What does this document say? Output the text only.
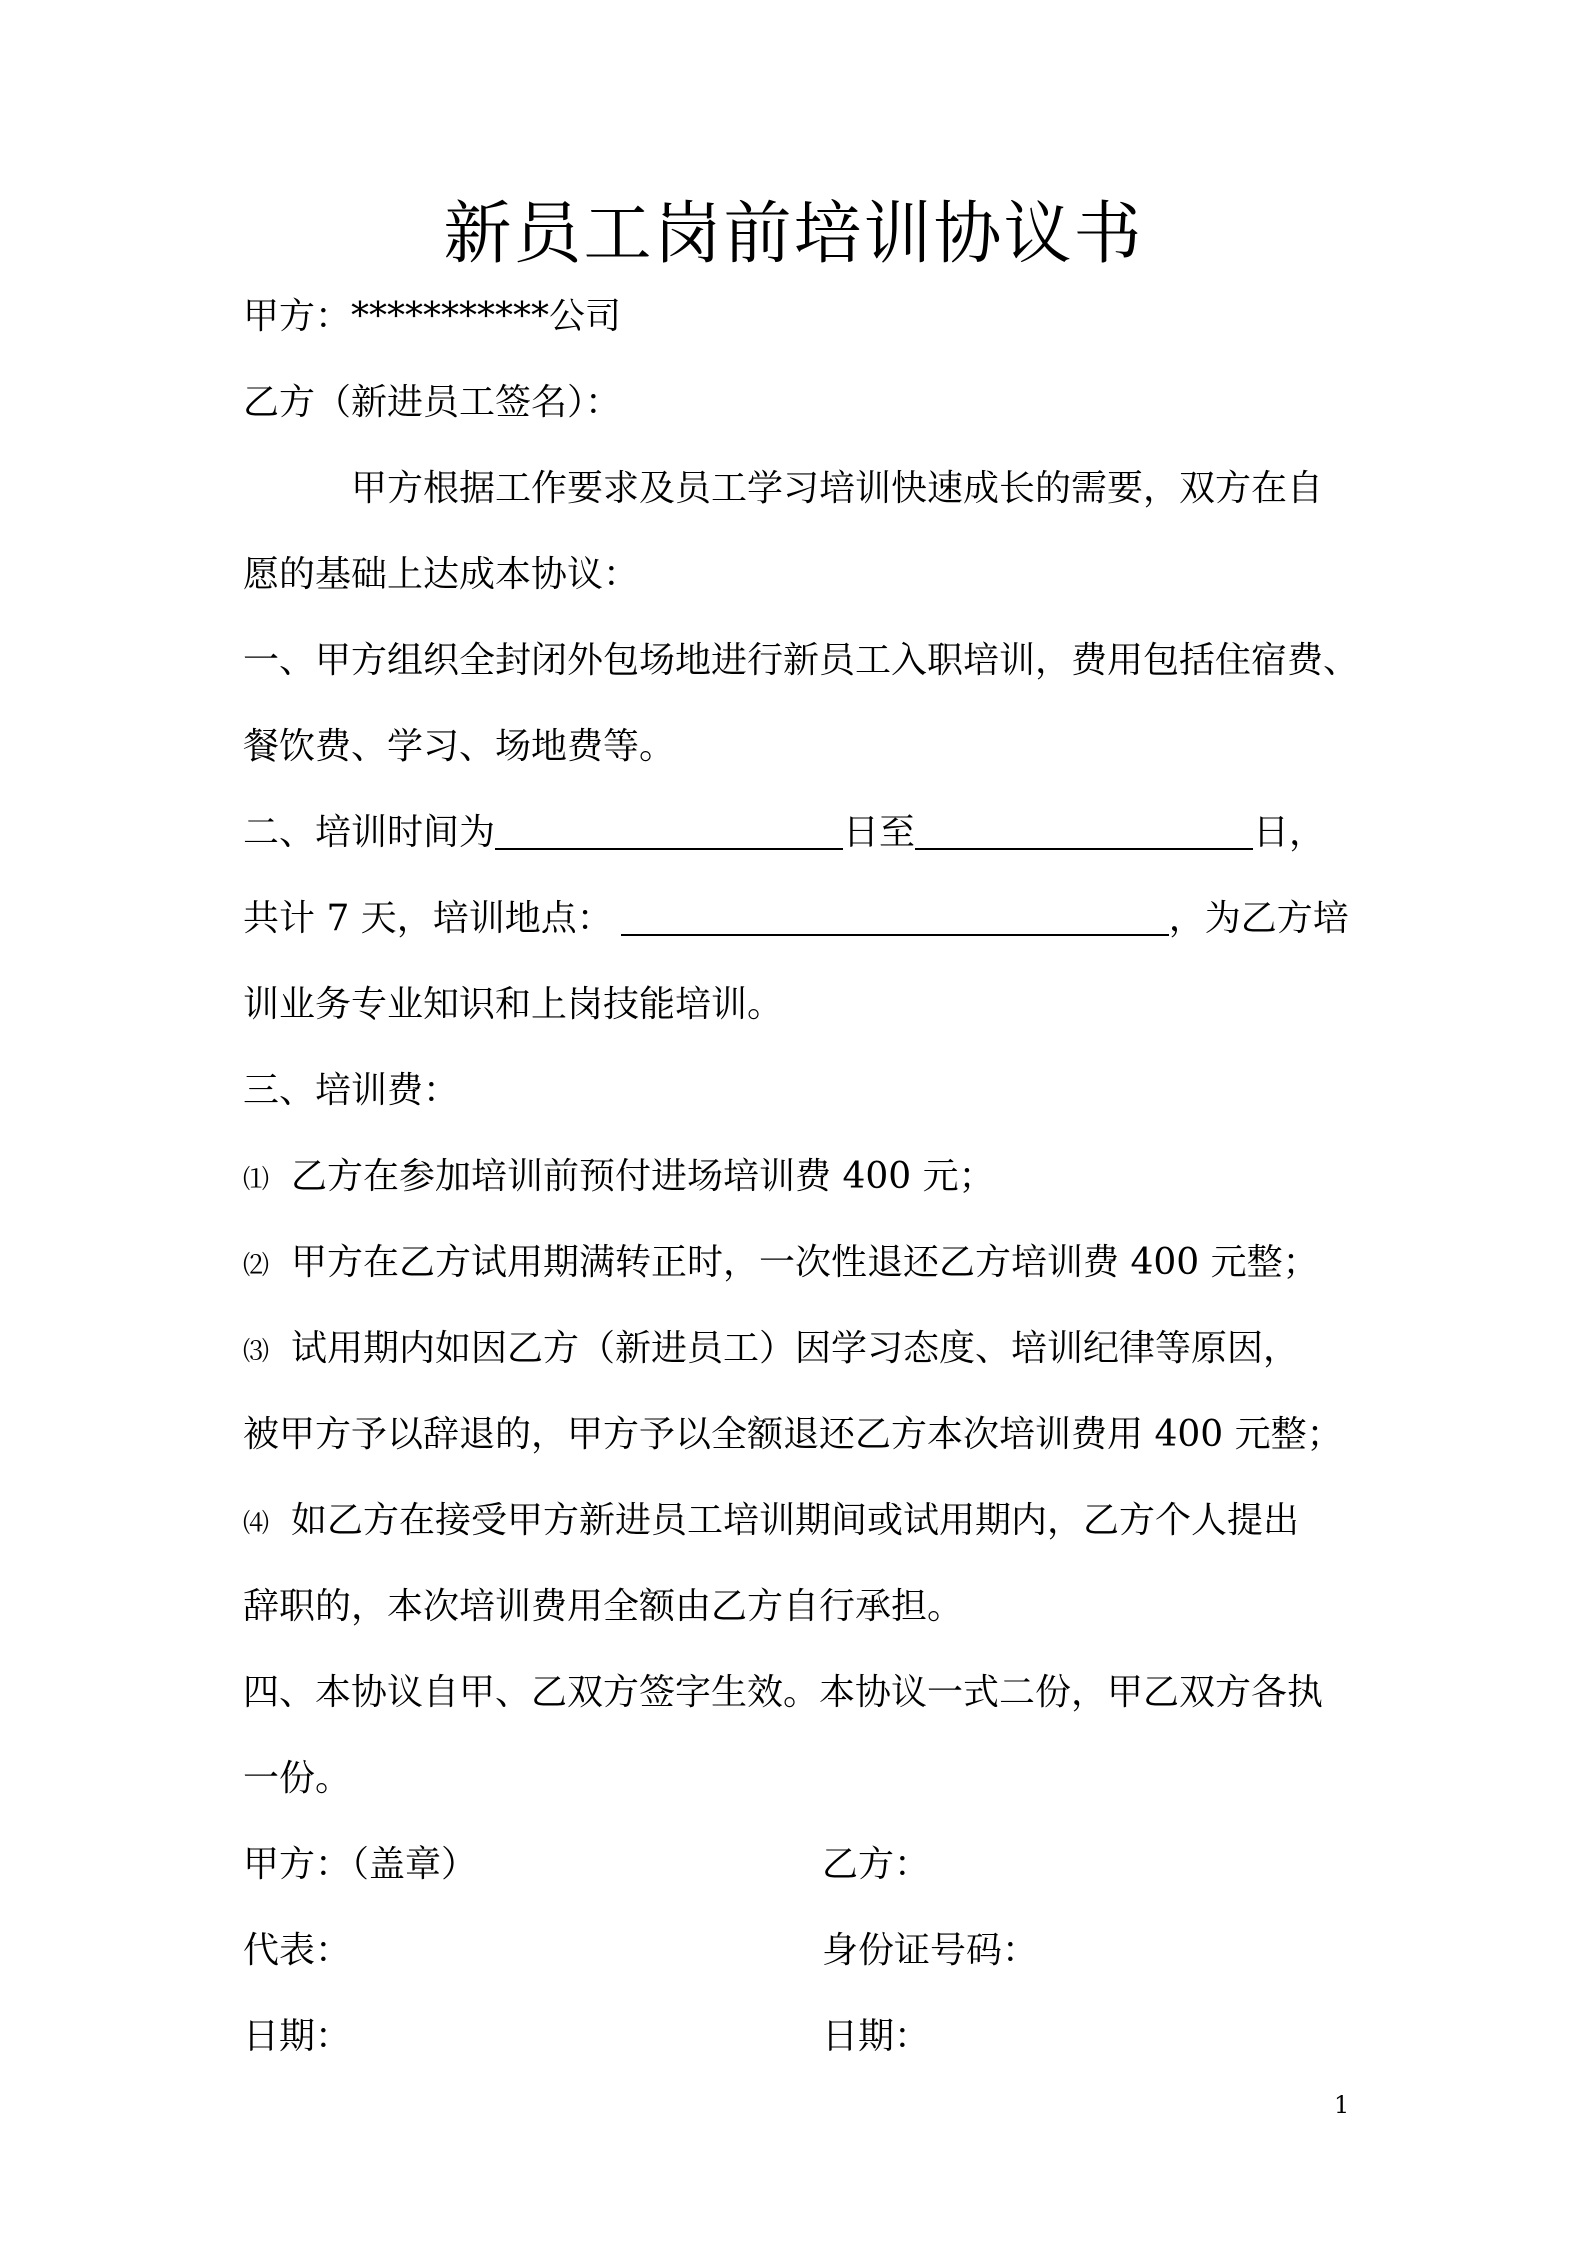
新员工岗前培训协议书
甲方：***********公司
乙方（新进员工签名）：
甲方根据工作要求及员工学习培训快速成长的需要，双方在自
愿的基础上达成本协议：
一、甲方组织全封闭外包场地进行新员工入职培训，费用包括住宿费、
餐饮费、学习、场地费等。
二、培训时间为	日至	日，
共计 7 天，培训地点：	，为乙方培
训业务专业知识和上岗技能培训。
三、培训费：
⑴ 乙方在参加培训前预付进场培训费 400 元；
⑵ 甲方在乙方试用期满转正时，一次性退还乙方培训费 400 元整；
⑶ 试用期内如因乙方（新进员工）因学习态度、培训纪律等原因，
被甲方予以辞退的，甲方予以全额退还乙方本次培训费用 400 元整；
⑷ 如乙方在接受甲方新进员工培训期间或试用期内，乙方个人提出
辞职的，本次培训费用全额由乙方自行承担。
四、本协议自甲、乙双方签字生效。本协议一式二份，甲乙双方各执
一份。
甲方：（盖章）	乙方：
代表：	身份证号码：
日期：	日期：
1
